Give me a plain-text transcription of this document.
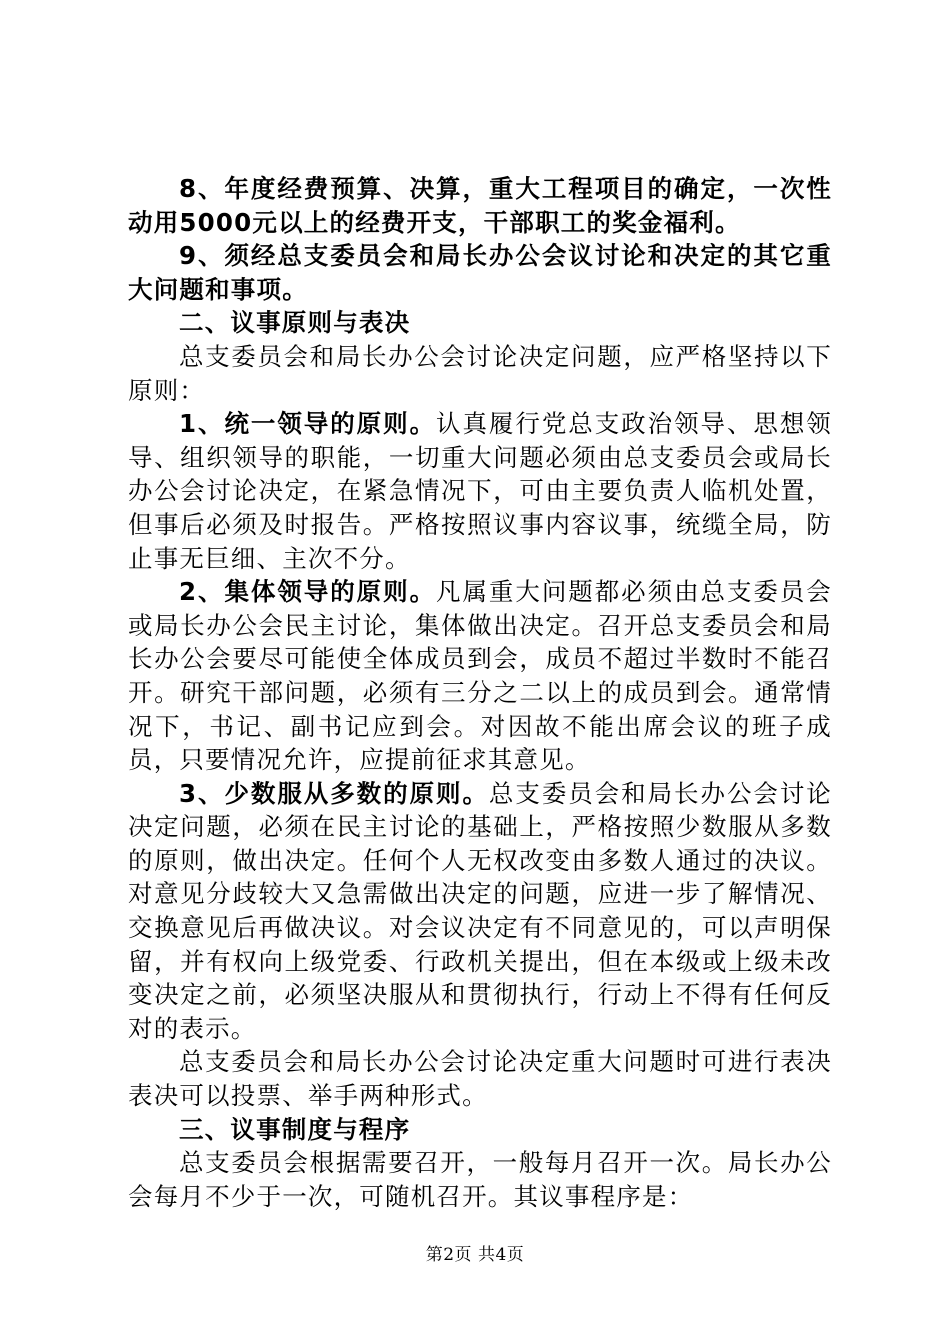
8、年度经费预算、决算，重大工程项目的确定，一次性动用5000元以上的经费开支，干部职工的奖金福利。

9、须经总支委员会和局长办公会议讨论和决定的其它重大问题和事项。

二、议事原则与表决

总支委员会和局长办公会讨论决定问题，应严格坚持以下原则：

1、统一领导的原则。认真履行党总支政治领导、思想领导、组织领导的职能，一切重大问题必须由总支委员会或局长办公会讨论决定，在紧急情况下，可由主要负责人临机处置，但事后必须及时报告。严格按照议事内容议事，统缆全局，防止事无巨细、主次不分。

2、集体领导的原则。凡属重大问题都必须由总支委员会或局长办公会民主讨论，集体做出决定。召开总支委员会和局长办公会要尽可能使全体成员到会，成员不超过半数时不能召开。研究干部问题，必须有三分之二以上的成员到会。通常情况下，书记、副书记应到会。对因故不能出席会议的班子成员，只要情况允许，应提前征求其意见。

3、少数服从多数的原则。总支委员会和局长办公会讨论决定问题，必须在民主讨论的基础上，严格按照少数服从多数的原则，做出决定。任何个人无权改变由多数人通过的决议。对意见分歧较大又急需做出决定的问题，应进一步了解情况、交换意见后再做决议。对会议决定有不同意见的，可以声明保留，并有权向上级党委、行政机关提出，但在本级或上级未改变决定之前，必须坚决服从和贯彻执行，行动上不得有任何反对的表示。

总支委员会和局长办公会讨论决定重大问题时可进行表决表决可以投票、举手两种形式。

三、议事制度与程序

总支委员会根据需要召开，一般每月召开一次。局长办公会每月不少于一次，可随机召开。其议事程序是：

第2页 共4页
